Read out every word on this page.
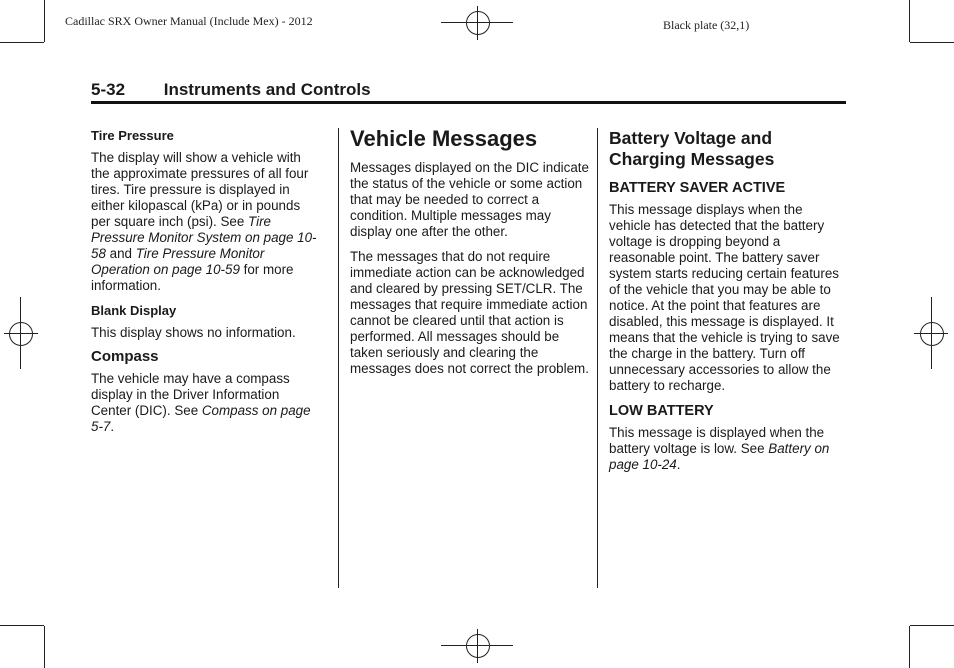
Cadillac SRX Owner Manual (Include Mex) - 2012	Black plate (32,1)
5-32 Instruments and Controls
Tire Pressure

The display will show a vehicle with the approximate pressures of all four tires. Tire pressure is displayed in either kilopascal (kPa) or in pounds per square inch (psi). See Tire Pressure Monitor System on page 10-58 and Tire Pressure Monitor Operation on page 10-59 for more information.

Blank Display

This display shows no information.

Compass

The vehicle may have a compass display in the Driver Information Center (DIC). See Compass on page 5-7.

Vehicle Messages

Messages displayed on the DIC indicate the status of the vehicle or some action that may be needed to correct a condition. Multiple messages may display one after the other.

The messages that do not require immediate action can be acknowledged and cleared by pressing SET/CLR. The messages that require immediate action cannot be cleared until that action is performed. All messages should be taken seriously and clearing the messages does not correct the problem.

Battery Voltage and Charging Messages
BATTERY SAVER ACTIVE

This message displays when the vehicle has detected that the battery voltage is dropping beyond a reasonable point. The battery saver system starts reducing certain features of the vehicle that you may be able to notice. At the point that features are disabled, this message is displayed. It means that the vehicle is trying to save the charge in the battery. Turn off unnecessary accessories to allow the battery to recharge.

LOW BATTERY

This message is displayed when the battery voltage is low. See Battery on page 10-24.
